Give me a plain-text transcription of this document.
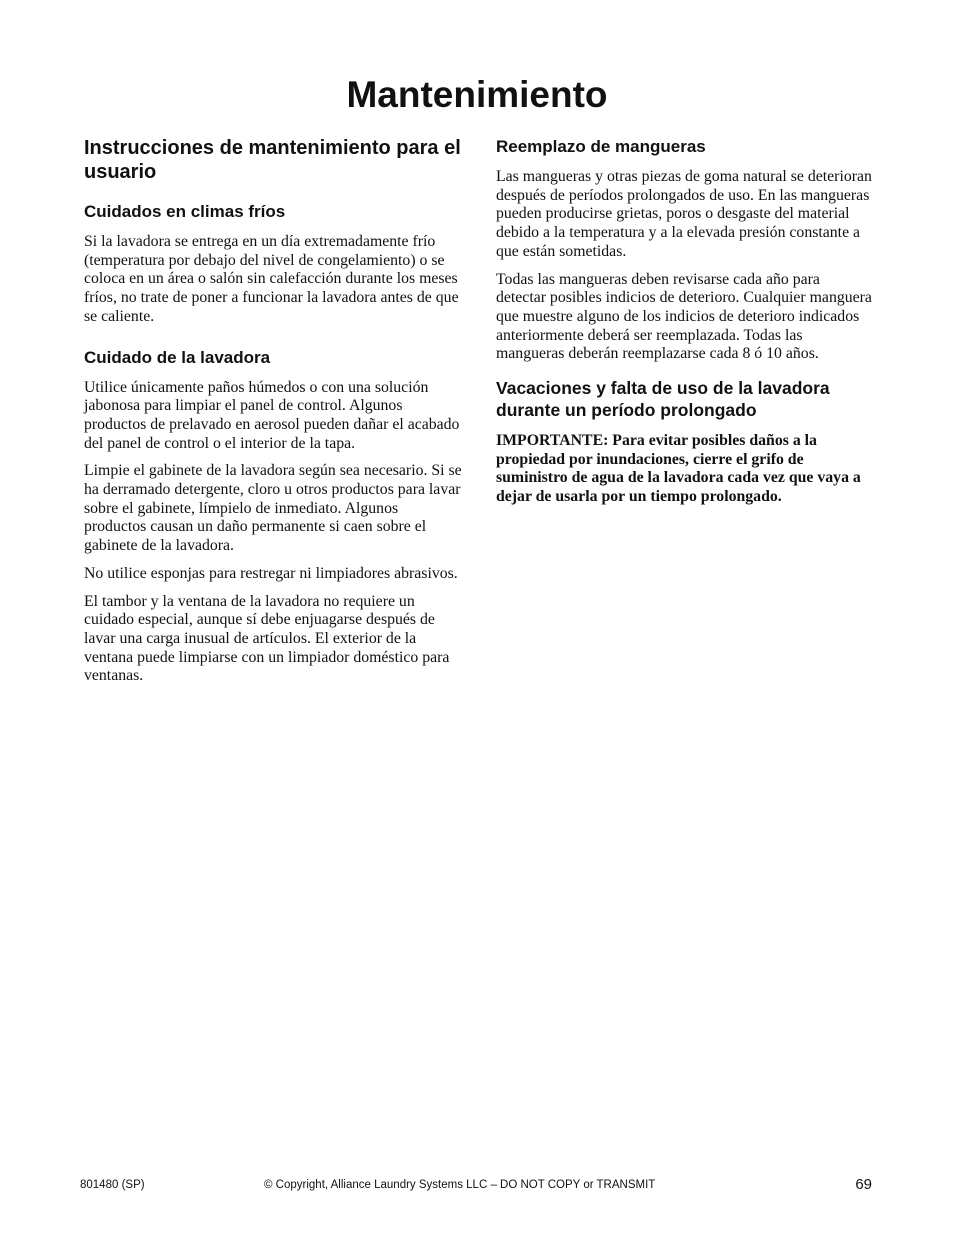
Mantenimiento
Instrucciones de mantenimiento para el usuario
Cuidados en climas fríos

Si la lavadora se entrega en un día extremadamente frío (temperatura por debajo del nivel de congelamiento) o se coloca en un área o salón sin calefacción durante los meses fríos, no trate de poner a funcionar la lavadora antes de que se caliente.

Cuidado de la lavadora

Utilice únicamente paños húmedos o con una solución jabonosa para limpiar el panel de control. Algunos productos de prelavado en aerosol pueden dañar el acabado del panel de control o el interior de la tapa.

Limpie el gabinete de la lavadora según sea necesario. Si se ha derramado detergente, cloro u otros productos para lavar sobre el gabinete, límpielo de inmediato. Algunos productos causan un daño permanente si caen sobre el gabinete de la lavadora.

No utilice esponjas para restregar ni limpiadores abrasivos.

El tambor y la ventana de la lavadora no requiere un cuidado especial, aunque sí debe enjuagarse después de lavar una carga inusual de artículos. El exterior de la ventana puede limpiarse con un limpiador doméstico para ventanas.

Reemplazo de mangueras

Las mangueras y otras piezas de goma natural se deterioran después de períodos prolongados de uso. En las mangueras pueden producirse grietas, poros o desgaste del material debido a la temperatura y a la elevada presión constante a que están sometidas.

Todas las mangueras deben revisarse cada año para detectar posibles indicios de deterioro. Cualquier manguera que muestre alguno de los indicios de deterioro indicados anteriormente deberá ser reemplazada. Todas las mangueras deberán reemplazarse cada 8 ó 10 años.

Vacaciones y falta de uso de la lavadora durante un período prolongado

IMPORTANTE: Para evitar posibles daños a la propiedad por inundaciones, cierre el grifo de suministro de agua de la lavadora cada vez que vaya a dejar de usarla por un tiempo prolongado.

801480 (SP)	© Copyright, Alliance Laundry Systems LLC – DO NOT COPY or TRANSMIT	69
